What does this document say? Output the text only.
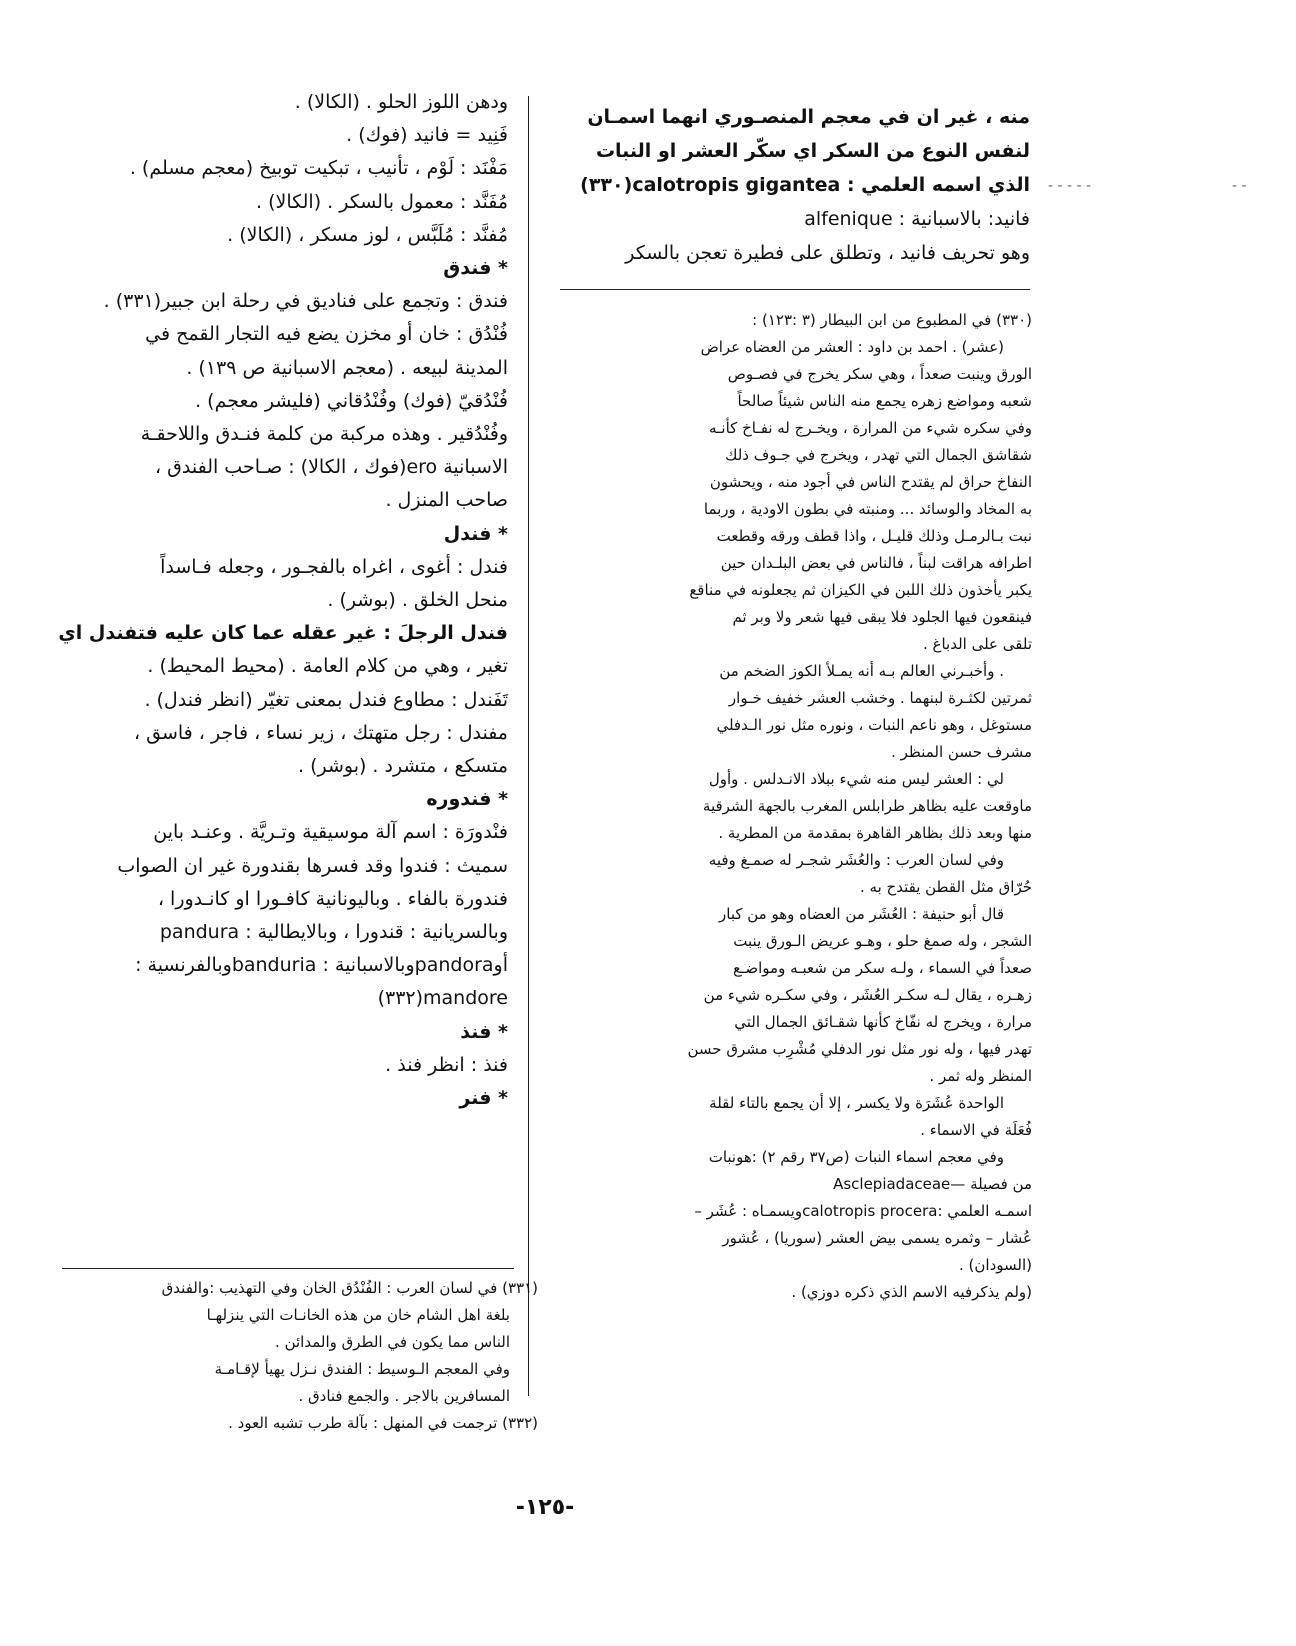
منه ، غير ان في معجم المنصـوري انهما اسمـان
لنفس النوع من السكر اي سكّر العشر او النبات
الذي اسمه العلمي : calotropis gigantea(٣٣٠)
فانيد: بالاسبانية : alfenique
وهو تحريف فانيد ، وتطلق على فطيرة تعجن بالسكر
(٣٣٠) في المطبوع من ابن البيطار (٣ :١٢٣) :
(عشر) . احمد بن داود : العشر من العضاه عراض
الورق وينبت صعداً ، وهي سكر يخرج في فصـوص
شعبه ومواضع زهره يجمع منه الناس شيئاً صالحاً
وفي سكره شيء من المرارة ، ويخـرج له نفـاخ كأنـه
شقاشق الجمال التي تهدر ، ويخرج في جـوف ذلك
النفاخ حراق لم يقتدح الناس في أجود منه ، ويحشون
به المخاد والوسائد ... ومنبته في بطون الاودية ، وربما
نبت بـالرمـل وذلك قليـل ، واذا قطف ورقه وقطعت
اطرافه هراقت لبناً ، فالناس في بعض البلـدان حين
يكبر يأخذون ذلك اللبن في الكيزان ثم يجعلونه في مناقع
فينقعون فيها الجلود فلا يبقى فيها شعر ولا وبر ثم
تلقى على الدباغ .
. وأخبـرني العالم بـه أنه يمـلأ الكوز الضخم من
ثمرتين لكثـرة لبنهما . وخشب العشر خفيف خـوار
مستوغل ، وهو ناعم النبات ، ونوره مثل نور الـدفلي
مشرف حسن المنظر .
لي : العشر ليس منه شيء ببلاد الانـدلس . وأول
ماوقعت عليه بظاهر طرابلس المغرب بالجهة الشرقية
منها وبعد ذلك بظاهر القاهرة بمقدمة من المطرية .
وفي لسان العرب : والعُشَر شجـر له صمـغ وفيه
حُرّاق مثل القطن يقتدح به .
قال أبو حنيفة : العُشَر من العضاه وهو من كبار
الشجر ، وله صمغ حلو ، وهـو عريض الـورق ينبت
صعداً في السماء ، ولـه سكر من شعبـه ومواضـع
زهـره ، يقال لـه سكـر العُشَر ، وفي سكـره شيء من
مرارة ، ويخرج له نفّاخ كأنها شقـائق الجمال التي
تهدر فيها ، وله نور مثل نور الدفلي مُشْرِب مشرق حسن
المنظر وله ثمر .
الواحدة عُشَرَة ولا يكسر ، إلا أن يجمع بالتاء لقلة
فُعَلَة في الاسماء .
وفي معجم اسماء النبات (ص٣٧ رقم ٢) :هونبات
من فصيلة —Asclepiadaceae
اسمـه العلمي :calotropis proceraويسمـاه : عُشَر –
عُشار – وثمره يسمى بيض العشر (سوريا) ، عُشور
(السودان) .
(ولم يذكرفيه الاسم الذي ذكره دوزي) .
ودهن اللوز الحلو . (الكالا) .
فَنِيد = فانيد (فوك) .
مَفْنَد : لَوْم ، تأنيب ، تبكيت توبيخ (معجم مسلم) .
مُفَنَّد : معمول بالسكر . (الكالا) .
مُفنَّد : مُلَبَّس ، لوز مسكر ، (الكالا) .
* فندق
فندق : وتجمع على فناديق في رحلة ابن جبير(٣٣١) .
فُنْدُق : خان أو مخزن يضع فيه التجار القمح في
المدينة لبيعه . (معجم الاسبانية ص ١٣٩) .
فُنْدُقيّ (فوك) وفُنْدُقاني (فليشر معجم) .
وفُنْدُقير . وهذه مركبة من كلمة فنـدق واللاحقـة
الاسبانية ero(فوك ، الكالا) : صـاحب الفندق ،
صاحب المنزل .
* فندل
فندل : أغوى ، اغراه بالفجـور ، وجعله فـاسداً
منحل الخلق . (بوشر) .
فندل الرجلَ : غير عقله عما كان عليه فتفندل اي
تغير ، وهي من كلام العامة . (محيط المحيط) .
تَفَندل : مطاوع فندل بمعنى تغيّر (انظر فندل) .
مفندل : رجل متهتك ، زير نساء ، فاجر ، فاسق ،
متسكع ، متشرد . (بوشر) .
* فندوره
فنْدورَة : اسم آلة موسيقية وتـريَّة . وعنـد باين
سميث : فندوا وقد فسرها بقندورة غير ان الصواب
فندورة بالفاء . وباليونانية كافـورا او كانـدورا ،
وبالسريانية : قندورا ، وبالايطالية : pandura
أوpandoraوبالاسبانية : banduriaوبالفرنسية :
mandore(٣٣٢)
* فنذ
فنذ : انظر فنذ .
* فنر
(٣٣١) في لسان العرب : الفُنْدُق الخان وفي التهذيب :والفندق
بلغة اهل الشام خان من هذه الخانـات التي ينزلهـا
الناس مما يكون في الطرق والمدائن .
وفي المعجم الـوسيط : الفندق نـزل يهيأ لإقـامـة
المسافرين بالاجر . والجمع فنادق .
(٣٣٢) ترجمت في المنهل : بآلة طرب تشبه العود .
-١٢٥-
- - - - -	- -
